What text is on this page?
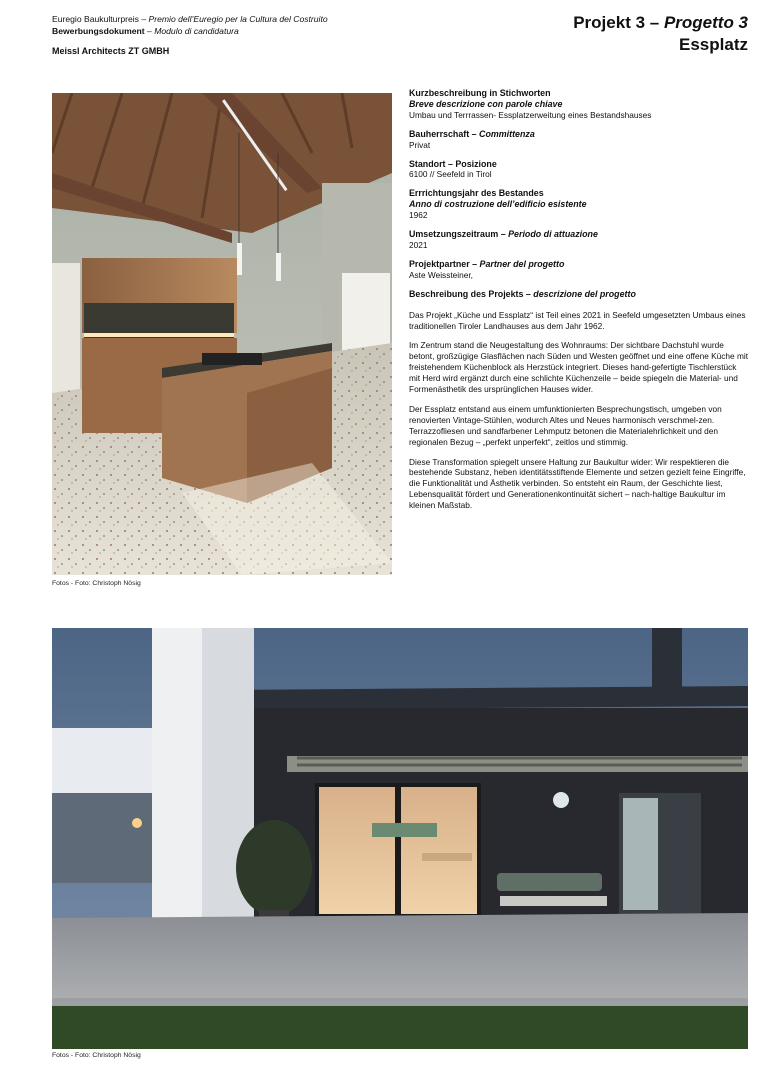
Euregio Baukulturpreis – Premio dell’Euregio per la Cultura del Costruito
Bewerbungsdokument – Modulo di candidatura
Meissl Architects ZT GMBH
Projekt 3 – Progetto 3
Essplatz
Fotos - Foto: Christoph Nösig
Kurzbeschreibung in Stichworten
Breve descrizione con parole chiave
Umbau und Terrrassen- Essplatzerweitung eines Bestandshauses
Bauherrschaft – Committenza
Privat
Standort – Posizione
6100 // Seefeld in Tirol
Errrichtungsjahr des Bestandes
Anno di costruzione dell’edificio esistente
1962
Umsetzungszeitraum – Periodo di attuazione
2021
Projektpartner – Partner del progetto
Aste Weissteiner,
Beschreibung des Projekts – descrizione del progetto

Das Projekt „Küche und Essplatz“ ist Teil eines 2021 in Seefeld umgesetzten Umbaus eines traditionellen Tiroler Landhauses aus dem Jahr 1962.

Im Zentrum stand die Neugestaltung des Wohnraums: Der sichtbare Dachstuhl wurde betont, großzügige Glasflächen nach Süden und Westen geöffnet und eine offene Küche mit freistehendem Küchenblock als Herzstück integriert. Dieses hand-gefertigte Tischlerstück mit Herd wird ergänzt durch eine schlichte Küchenzeile – beide spiegeln die Material- und Formenästhetik des ursprünglichen Hauses wider.

Der Essplatz entstand aus einem umfunktionierten Besprechungstisch, umgeben von renovierten Vintage-Stühlen, wodurch Altes und Neues harmonisch verschmel-zen. Terrazzofliesen und sandfarbener Lehmputz betonen die Materialehrlichkeit und den regionalen Bezug – „perfekt unperfekt“, zeitlos und stimmig.

Diese Transformation spiegelt unsere Haltung zur Baukultur wider: Wir respektieren die bestehende Substanz, heben identitätsstiftende Elemente und setzen gezielt feine Eingriffe, die Funktionalität und Ästhetik verbinden. So entsteht ein Raum, der Geschichte liest, Lebensqualität fördert und Generationenkontinuität sichert – nach-haltige Baukultur im kleinen Maßstab.

Fotos - Foto: Christoph Nösig
